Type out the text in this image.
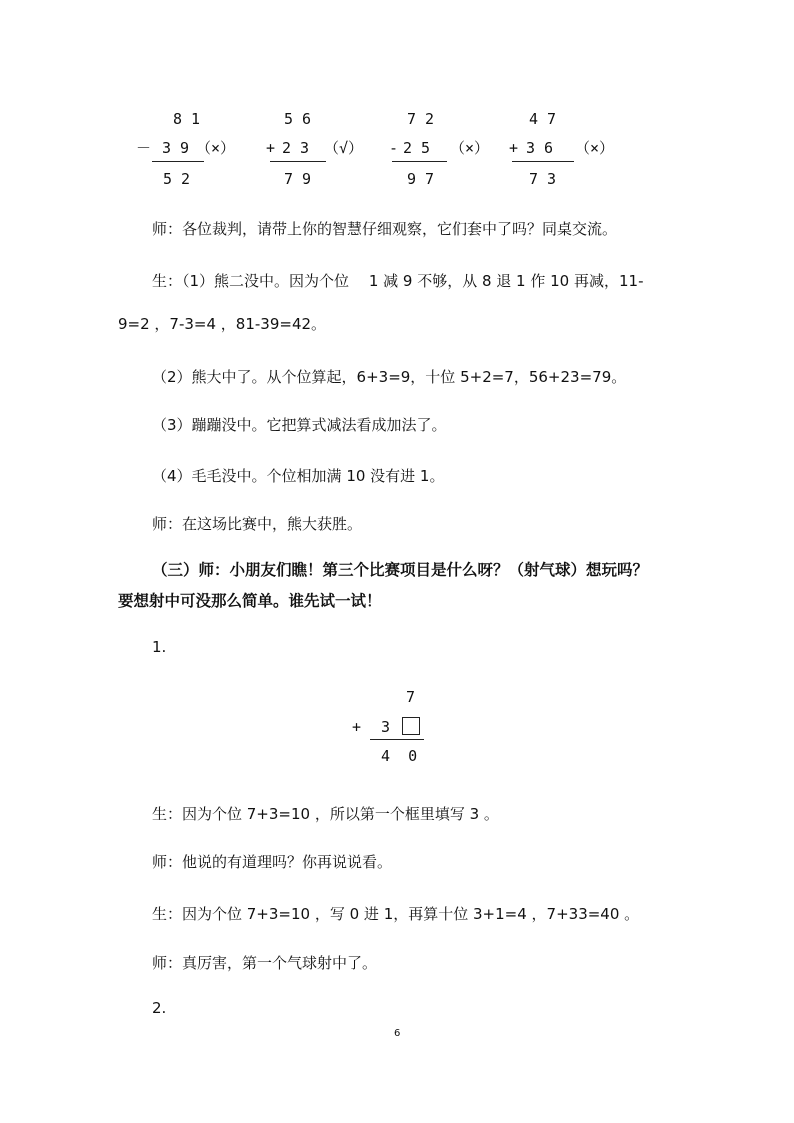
8 1
－ 3 9 （×）
5 2
5 6
+ 2 3 （√）
7 9
7 2
- 2 5 （×）
9 7
4 7
+ 3 6 （×）
7 3
师：各位裁判，请带上你的智慧仔细观察，它们套中了吗？同桌交流。
生：（1）熊二没中。因为个位　 1 减 9 不够，从 8 退 1 作 10 再减，11-
9=2 ，7-3=4 ，81-39=42。
（2）熊大中了。从个位算起，6+3=9，十位 5+2=7，56+23=79。
（3）蹦蹦没中。它把算式减法看成加法了。
（4）毛毛没中。个位相加满 10 没有进 1。
师：在这场比赛中，熊大获胜。
（三）师：小朋友们瞧！第三个比赛项目是什么呀？（射气球）想玩吗？
要想射中可没那么简单。谁先试一试！
1.
7
+ 3
4  0
生：因为个位 7+3=10 ，所以第一个框里填写 3 。
师：他说的有道理吗？你再说说看。
生：因为个位 7+3=10 ，写 0 进 1，再算十位 3+1=4 ，7+33=40 。
师：真厉害，第一个气球射中了。
2.
6
